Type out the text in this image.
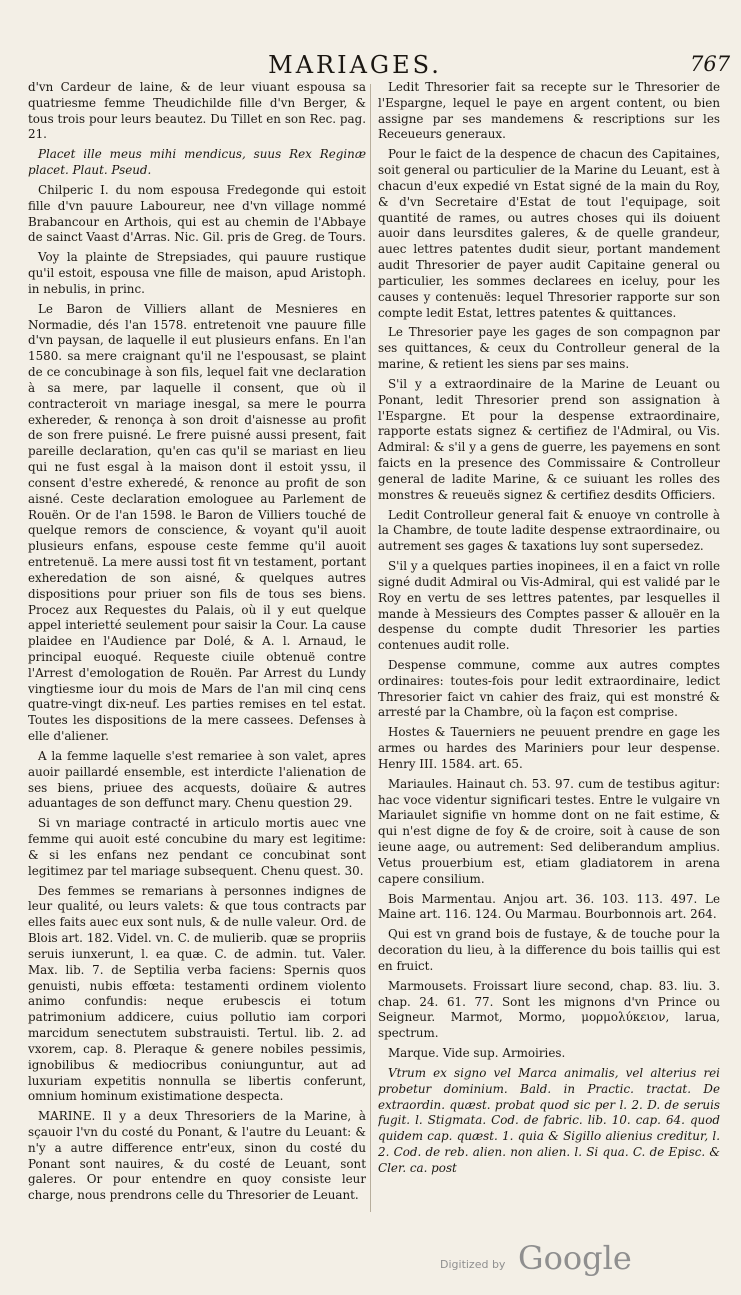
MARIAGES.	767

d'vn Cardeur de laine, & de leur viuant espousa sa quatriesme femme Theudichilde fille d'vn Berger, & tous trois pour leurs beautez. Du Tillet en son Rec. pag. 21.

Placet ille meus mihi mendicus, suus Rex Reginæ placet. Plaut. Pseud.

Chilperic I. du nom espousa Fredegonde qui estoit fille d'vn pauure Laboureur, nee d'vn village nommé Brabancour en Arthois, qui est au chemin de l'Abbaye de sainct Vaast d'Arras. Nic. Gil. pris de Greg. de Tours.

Voy la plainte de Strepsiades, qui pauure rustique qu'il estoit, espousa vne fille de maison, apud Aristoph. in nebulis, in princ.

Le Baron de Villiers allant de Mesnieres en Normadie, dés l'an 1578. entretenoit vne pauure fille d'vn paysan, de laquelle il eut plusieurs enfans. En l'an 1580. sa mere craignant qu'il ne l'espousast, se plaint de ce concubinage à son fils, lequel fait vne declaration à sa mere, par laquelle il consent, que où il contracteroit vn mariage inesgal, sa mere le pourra exhereder, & renonça à son droit d'aisnesse au profit de son frere puisné. Le frere puisné aussi present, fait pareille declaration, qu'en cas qu'il se mariast en lieu qui ne fust esgal à la maison dont il estoit yssu, il consent d'estre exheredé, & renonce au profit de son aisné. Ceste declaration emologuee au Parlement de Rouën. Or de l'an 1598. le Baron de Villiers touché de quelque remors de conscience, & voyant qu'il auoit plusieurs enfans, espouse ceste femme qu'il auoit entretenuë. La mere aussi tost fit vn testament, portant exheredation de son aisné, & quelques autres dispositions pour priuer son fils de tous ses biens. Procez aux Requestes du Palais, où il y eut quelque appel interietté seulement pour saisir la Cour. La cause plaidee en l'Audience par Dolé, & A. l. Arnaud, le principal euoqué. Requeste ciuile obtenuë contre l'Arrest d'emologation de Rouën. Par Arrest du Lundy vingtiesme iour du mois de Mars de l'an mil cinq cens quatre-vingt dix-neuf. Les parties remises en tel estat. Toutes les dispositions de la mere cassees. Defenses à elle d'aliener.

A la femme laquelle s'est remariee à son valet, apres auoir paillardé ensemble, est interdicte l'alienation de ses biens, priuee des acquests, doüaire & autres aduantages de son deffunct mary. Chenu question 29.

Si vn mariage contracté in articulo mortis auec vne femme qui auoit esté concubine du mary est legitime: & si les enfans nez pendant ce concubinat sont legitimez par tel mariage subsequent. Chenu quest. 30.

Des femmes se remarians à personnes indignes de leur qualité, ou leurs valets: & que tous contracts par elles faits auec eux sont nuls, & de nulle valeur. Ord. de Blois art. 182. Videl. vn. C. de mulierib. quæ se propriis seruis iunxerunt, l. ea quæ. C. de admin. tut. Valer. Max. lib. 7. de Septilia verba faciens: Spernis quos genuisti, nubis effœta: testamenti ordinem violento animo confundis: neque erubescis ei totum patrimonium addicere, cuius pollutio iam corpori marcidum senectutem substrauisti. Tertul. lib. 2. ad vxorem, cap. 8. Pleraque & genere nobiles pessimis, ignobilibus & mediocribus coniunguntur, aut ad luxuriam expetitis nonnulla se libertis conferunt, omnium hominum existimatione despecta.

MARINE. Il y a deux Thresoriers de la Marine, à sçauoir l'vn du costé du Ponant, & l'autre du Leuant: & n'y a autre difference entr'eux, sinon du costé du Ponant sont nauires, & du costé de Leuant, sont galeres. Or pour entendre en quoy consiste leur charge, nous prendrons celle du Thresorier de Leuant.

Ledit Thresorier fait sa recepte sur le Thresorier de l'Espargne, lequel le paye en argent content, ou bien assigne par ses mandemens & rescriptions sur les Receueurs generaux.

Pour le faict de la despence de chacun des Capitaines, soit general ou particulier de la Marine du Leuant, est à chacun d'eux expedié vn Estat signé de la main du Roy, & d'vn Secretaire d'Estat de tout l'equipage, soit quantité de rames, ou autres choses qui ils doiuent auoir dans leursdites galeres, & de quelle grandeur, auec lettres patentes dudit sieur, portant mandement audit Thresorier de payer audit Capitaine general ou particulier, les sommes declarees en iceluy, pour les causes y contenuës: lequel Thresorier rapporte sur son compte ledit Estat, lettres patentes & quittances.

Le Thresorier paye les gages de son compagnon par ses quittances, & ceux du Controlleur general de la marine, & retient les siens par ses mains.

S'il y a extraordinaire de la Marine de Leuant ou Ponant, ledit Thresorier prend son assignation à l'Espargne. Et pour la despense extraordinaire, rapporte estats signez & certifiez de l'Admiral, ou Vis. Admiral: & s'il y a gens de guerre, les payemens en sont faicts en la presence des Commissaire & Controlleur general de ladite Marine, & ce suiuant les rolles des monstres & reueuës signez & certifiez desdits Officiers.

Ledit Controlleur general fait & enuoye vn controlle à la Chambre, de toute ladite despense extraordinaire, ou autrement ses gages & taxations luy sont supersedez.

S'il y a quelques parties inopinees, il en a faict vn rolle signé dudit Admiral ou Vis-Admiral, qui est validé par le Roy en vertu de ses lettres patentes, par lesquelles il mande à Messieurs des Comptes passer & allouër en la despense du compte dudit Thresorier les parties contenues audit rolle.

Despense commune, comme aux autres comptes ordinaires: toutes-fois pour ledit extraordinaire, ledict Thresorier faict vn cahier des fraiz, qui est monstré & arresté par la Chambre, où la façon est comprise.

Hostes & Tauerniers ne peuuent prendre en gage les armes ou hardes des Mariniers pour leur despense. Henry III. 1584. art. 65.

Mariaules. Hainaut ch. 53. 97. cum de testibus agitur: hac voce videntur significari testes. Entre le vulgaire vn Mariaulet signifie vn homme dont on ne fait estime, & qui n'est digne de foy & de croire, soit à cause de son ieune aage, ou autrement: Sed deliberandum amplius. Vetus prouerbium est, etiam gladiatorem in arena capere consilium.

Bois Marmentau. Anjou art. 36. 103. 113. 497. Le Maine art. 116. 124. Ou Marmau. Bourbonnois art. 264.

Qui est vn grand bois de fustaye, & de touche pour la decoration du lieu, à la difference du bois taillis qui est en fruict.

Marmousets. Froissart liure second, chap. 83. liu. 3. chap. 24. 61. 77. Sont les mignons d'vn Prince ou Seigneur. Marmot, Mormo, μορμολύκειον, larua, spectrum.

Marque. Vide sup. Armoiries.

Vtrum ex signo vel Marca animalis, vel alterius rei probetur dominium. Bald. in Practic. tractat. De extraordin. quæst. probat quod sic per l. 2. D. de seruis fugit. l. Stigmata. Cod. de fabric. lib. 10. cap. 64. quod quidem cap. quæst. 1. quia & Sigillo alienius creditur, l. 2. Cod. de reb. alien. non alien. l. Si qua. C. de Episc. & Cler. ca. post

Digitized by Google
